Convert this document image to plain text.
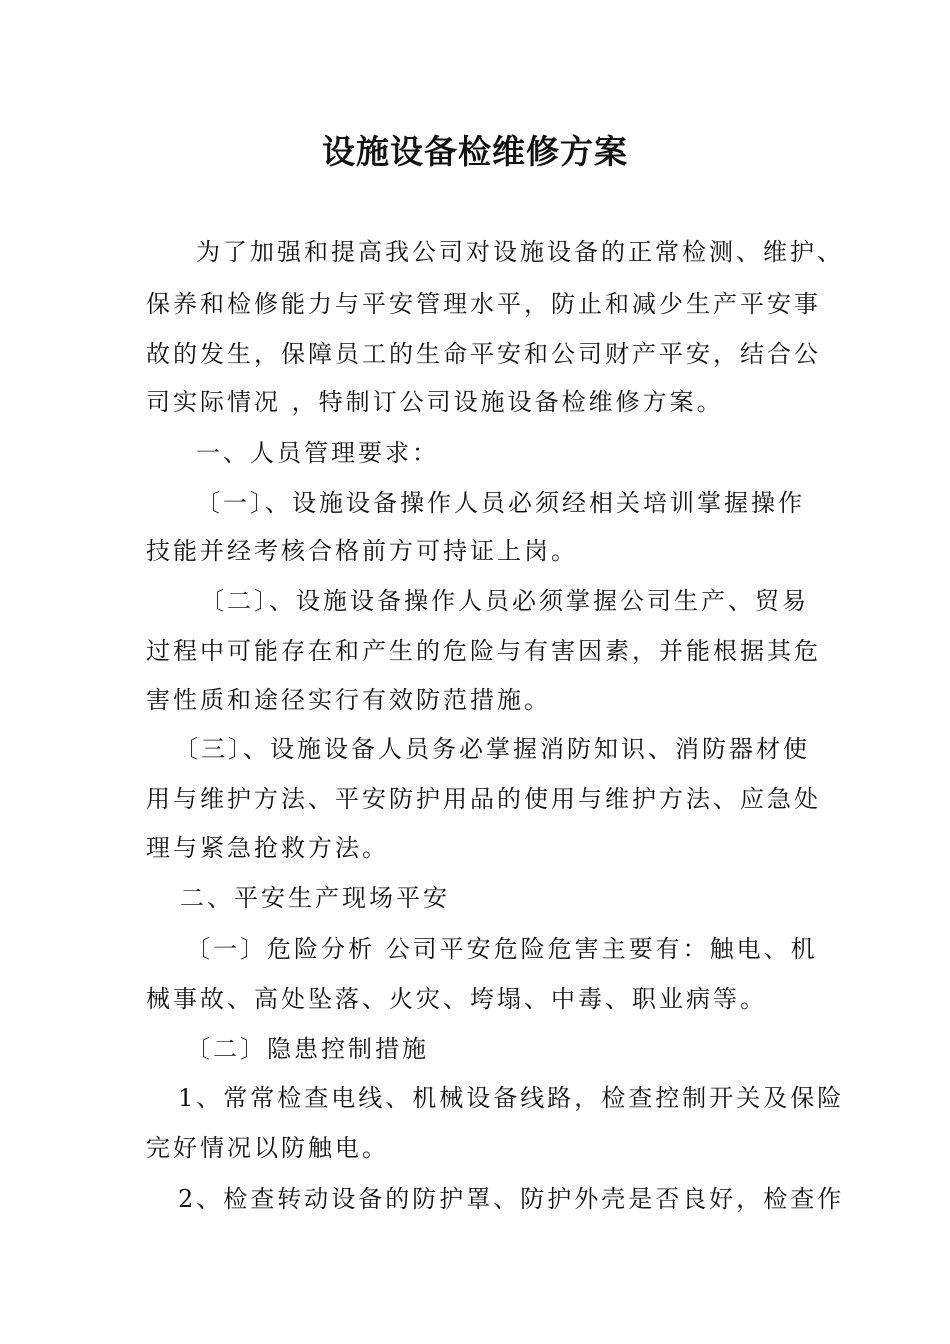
设施设备检维修方案
为了加强和提高我公司对设施设备的正常检测、维护、
保养和检修能力与平安管理水平，防止和减少生产平安事
故的发生，保障员工的生命平安和公司财产平安，结合公
司实际情况 ，特制订公司设施设备检维修方案。
一、人员管理要求：
〔一〕、设施设备操作人员必须经相关培训掌握操作
技能并经考核合格前方可持证上岗。
〔二〕、设施设备操作人员必须掌握公司生产、贸易
过程中可能存在和产生的危险与有害因素，并能根据其危
害性质和途径实行有效防范措施。
〔三〕、设施设备人员务必掌握消防知识、消防器材使
用与维护方法、平安防护用品的使用与维护方法、应急处
理与紧急抢救方法。
二、平安生产现场平安
〔一〕危险分析 公司平安危险危害主要有：触电、机
械事故、高处坠落、火灾、垮塌、中毒、职业病等。
〔二〕隐患控制措施
1、常常检查电线、机械设备线路，检查控制开关及保险
完好情况以防触电。
2、检查转动设备的防护罩、防护外壳是否良好，检查作
